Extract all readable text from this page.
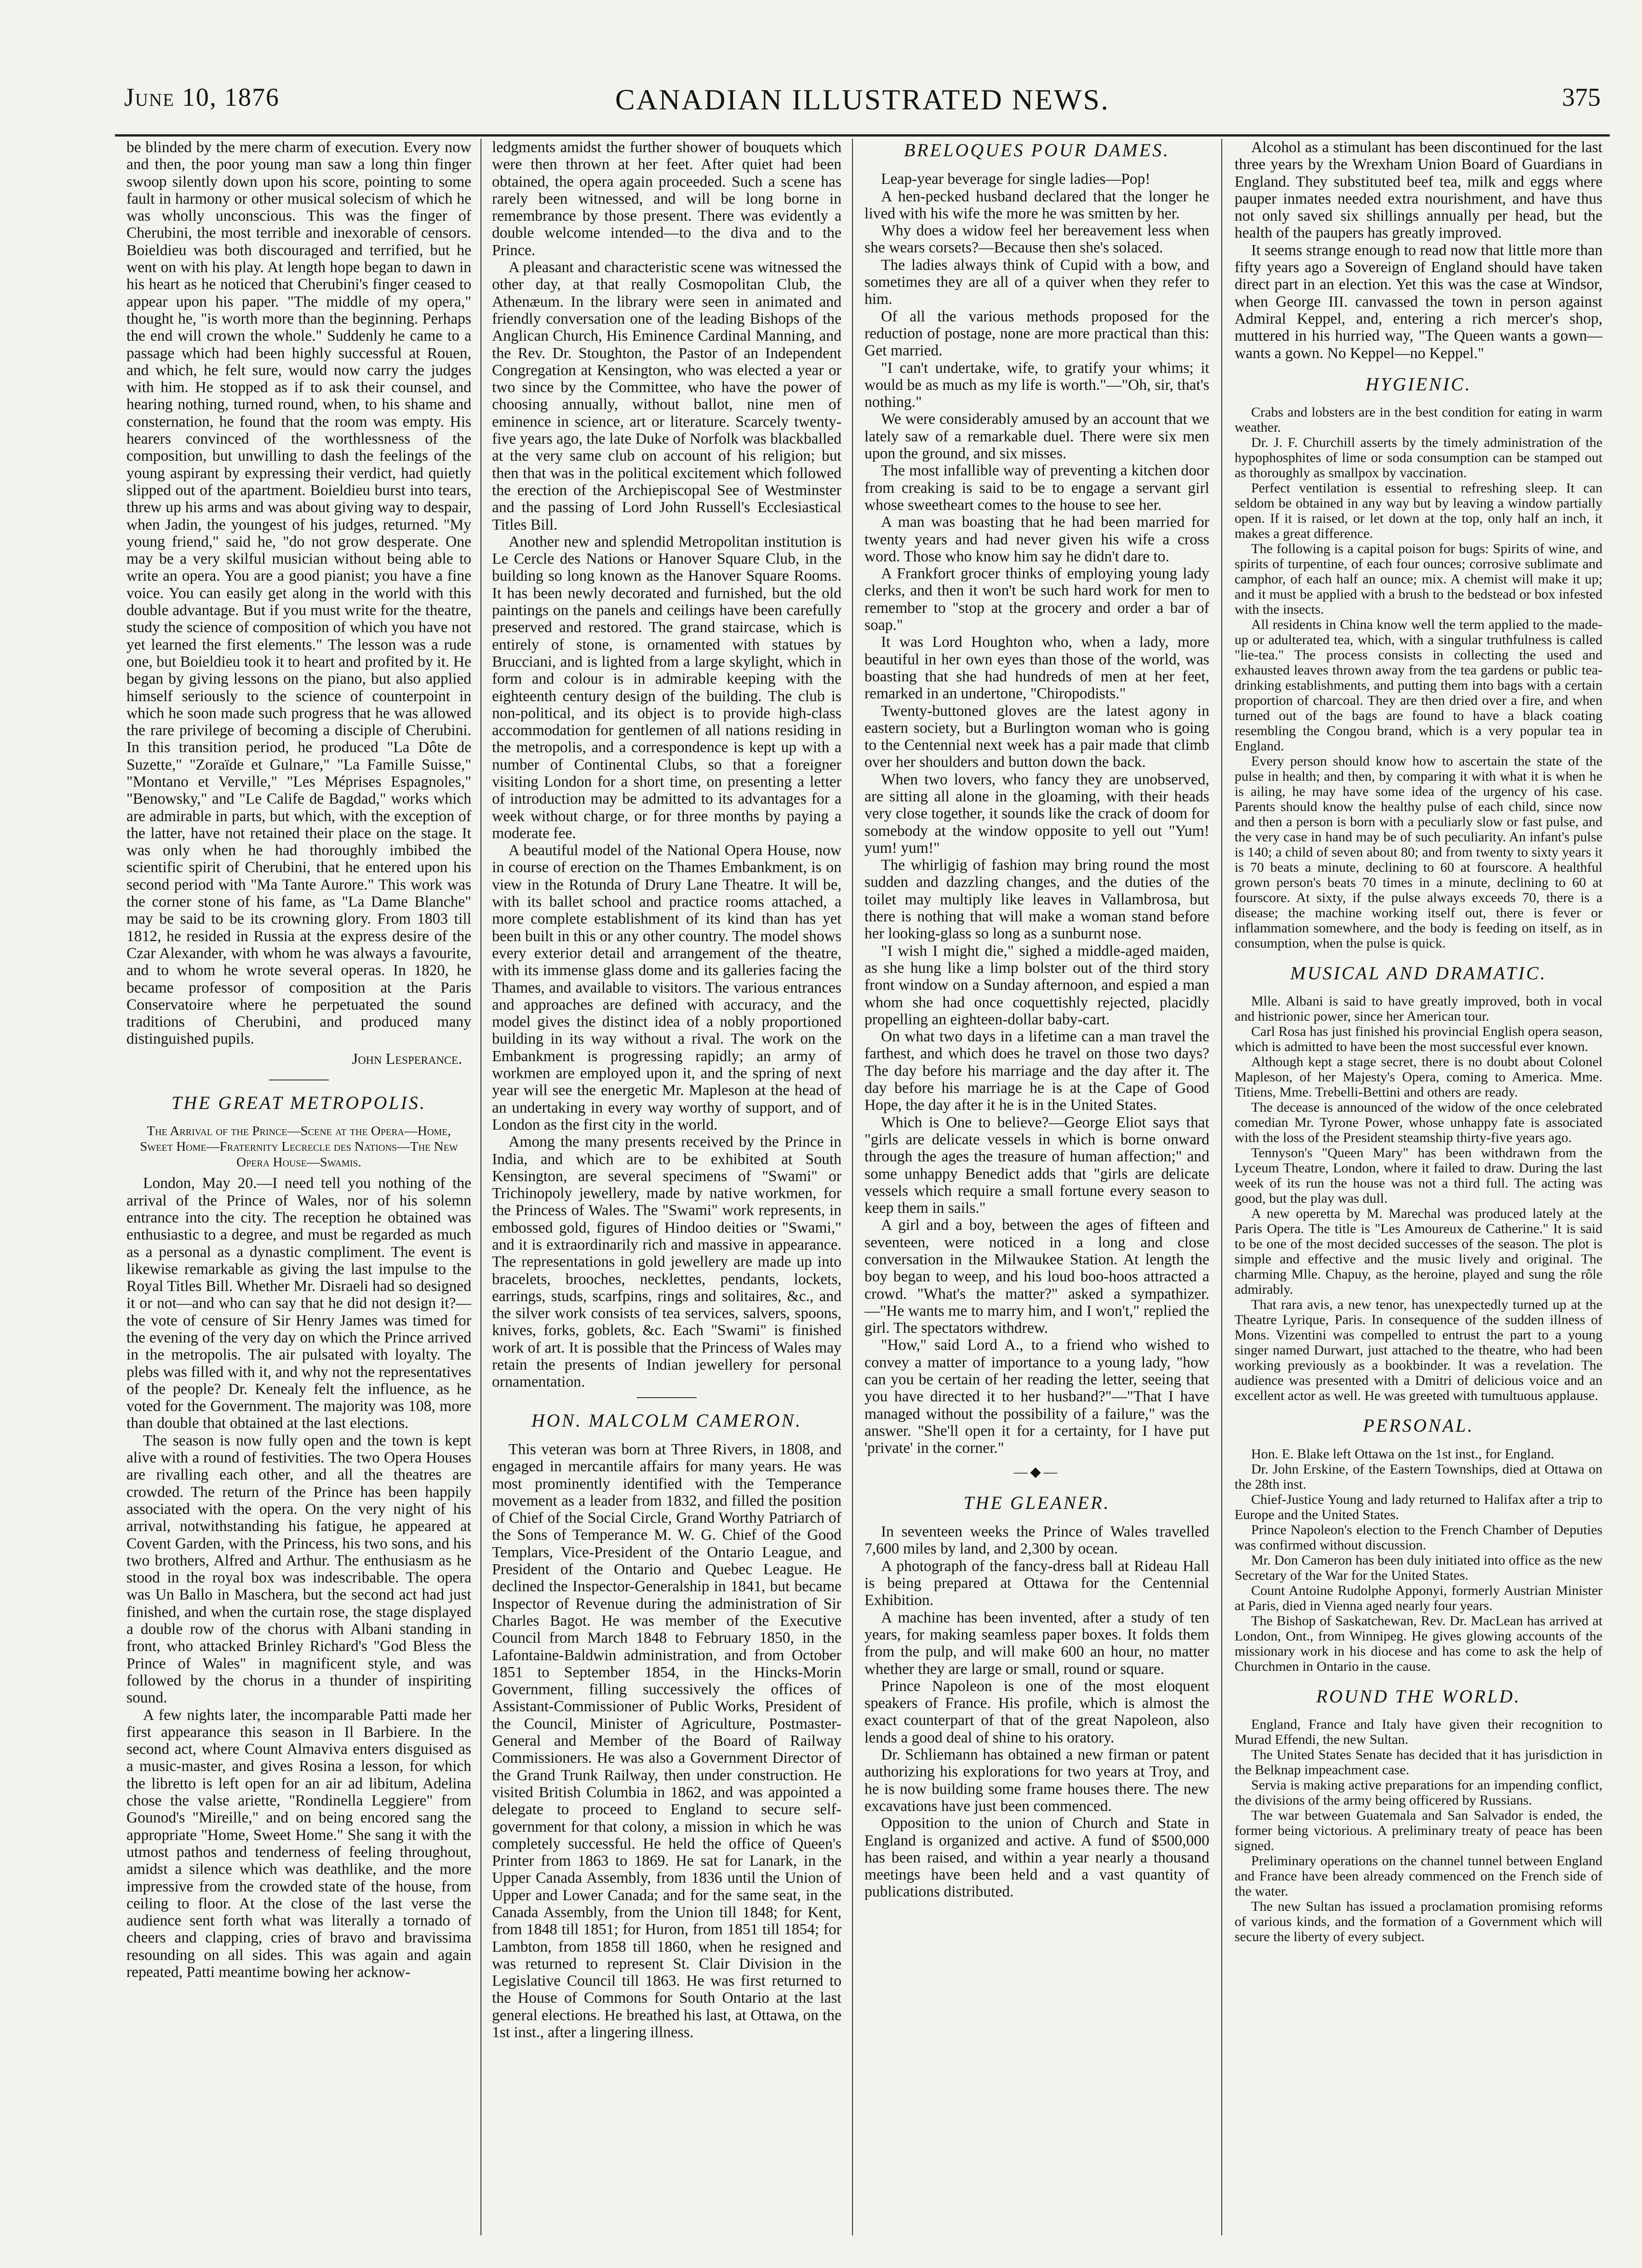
June 10, 1876	CANADIAN ILLUSTRATED NEWS.	375

be blinded by the mere charm of execution. Every now and then, the poor young man saw a long thin finger swoop silently down upon his score, pointing to some fault in harmony or other musical solecism of which he was wholly unconscious. This was the finger of Cherubini, the most terrible and inexorable of censors. Boieldieu was both discouraged and terrified, but he went on with his play. At length hope began to dawn in his heart as he noticed that Cherubini's finger ceased to appear upon his paper. "The middle of my opera," thought he, "is worth more than the beginning. Perhaps the end will crown the whole." Suddenly he came to a passage which had been highly successful at Rouen, and which, he felt sure, would now carry the judges with him. He stopped as if to ask their counsel, and hearing nothing, turned round, when, to his shame and consternation, he found that the room was empty. His hearers convinced of the worthlessness of the composition, but unwilling to dash the feelings of the young aspirant by expressing their verdict, had quietly slipped out of the apartment. Boieldieu burst into tears, threw up his arms and was about giving way to despair, when Jadin, the youngest of his judges, returned. "My young friend," said he, "do not grow desperate. One may be a very skilful musician without being able to write an opera. You are a good pianist; you have a fine voice. You can easily get along in the world with this double advantage. But if you must write for the theatre, study the science of composition of which you have not yet learned the first elements." The lesson was a rude one, but Boieldieu took it to heart and profited by it. He began by giving lessons on the piano, but also applied himself seriously to the science of counterpoint in which he soon made such progress that he was allowed the rare privilege of becoming a disciple of Cherubini. In this transition period, he produced "La Dôte de Suzette," "Zoraïde et Gulnare," "La Famille Suisse," "Montano et Verville," "Les Méprises Espagnoles," "Benowsky," and "Le Calife de Bagdad," works which are admirable in parts, but which, with the exception of the latter, have not retained their place on the stage. It was only when he had thoroughly imbibed the scientific spirit of Cherubini, that he entered upon his second period with "Ma Tante Aurore." This work was the corner stone of his fame, as "La Dame Blanche" may be said to be its crowning glory. From 1803 till 1812, he resided in Russia at the express desire of the Czar Alexander, with whom he was always a favourite, and to whom he wrote several operas. In 1820, he became professor of composition at the Paris Conservatoire where he perpetuated the sound traditions of Cherubini, and produced many distinguished pupils.

John Lesperance.

THE GREAT METROPOLIS.

The Arrival of the Prince—Scene at the Opera—Home, Sweet Home—Fraternity Lecrecle des Nations—The New Opera House—Swamis.

London, May 20.—I need tell you nothing of the arrival of the Prince of Wales, nor of his solemn entrance into the city. The reception he obtained was enthusiastic to a degree, and must be regarded as much as a personal as a dynastic compliment. The event is likewise remarkable as giving the last impulse to the Royal Titles Bill. Whether Mr. Disraeli had so designed it or not—and who can say that he did not design it?—the vote of censure of Sir Henry James was timed for the evening of the very day on which the Prince arrived in the metropolis. The air pulsated with loyalty. The plebs was filled with it, and why not the representatives of the people? Dr. Kenealy felt the influence, as he voted for the Government. The majority was 108, more than double that obtained at the last elections.

The season is now fully open and the town is kept alive with a round of festivities. The two Opera Houses are rivalling each other, and all the theatres are crowded. The return of the Prince has been happily associated with the opera. On the very night of his arrival, notwithstanding his fatigue, he appeared at Covent Garden, with the Princess, his two sons, and his two brothers, Alfred and Arthur. The enthusiasm as he stood in the royal box was indescribable. The opera was Un Ballo in Maschera, but the second act had just finished, and when the curtain rose, the stage displayed a double row of the chorus with Albani standing in front, who attacked Brinley Richard's "God Bless the Prince of Wales" in magnificent style, and was followed by the chorus in a thunder of inspiriting sound.

A few nights later, the incomparable Patti made her first appearance this season in Il Barbiere. In the second act, where Count Almaviva enters disguised as a music-master, and gives Rosina a lesson, for which the libretto is left open for an air ad libitum, Adelina chose the valse ariette, "Rondinella Leggiere" from Gounod's "Mireille," and on being encored sang the appropriate "Home, Sweet Home." She sang it with the utmost pathos and tenderness of feeling throughout, amidst a silence which was deathlike, and the more impressive from the crowded state of the house, from ceiling to floor. At the close of the last verse the audience sent forth what was literally a tornado of cheers and clapping, cries of bravo and bravissima resounding on all sides. This was again and again repeated, Patti meantime bowing her acknow-

ledgments amidst the further shower of bouquets which were then thrown at her feet. After quiet had been obtained, the opera again proceeded. Such a scene has rarely been witnessed, and will be long borne in remembrance by those present. There was evidently a double welcome intended—to the diva and to the Prince.

A pleasant and characteristic scene was witnessed the other day, at that really Cosmopolitan Club, the Athenæum. In the library were seen in animated and friendly conversation one of the leading Bishops of the Anglican Church, His Eminence Cardinal Manning, and the Rev. Dr. Stoughton, the Pastor of an Independent Congregation at Kensington, who was elected a year or two since by the Committee, who have the power of choosing annually, without ballot, nine men of eminence in science, art or literature. Scarcely twenty-five years ago, the late Duke of Norfolk was blackballed at the very same club on account of his religion; but then that was in the political excitement which followed the erection of the Archiepiscopal See of Westminster and the passing of Lord John Russell's Ecclesiastical Titles Bill.

Another new and splendid Metropolitan institution is Le Cercle des Nations or Hanover Square Club, in the building so long known as the Hanover Square Rooms. It has been newly decorated and furnished, but the old paintings on the panels and ceilings have been carefully preserved and restored. The grand staircase, which is entirely of stone, is ornamented with statues by Brucciani, and is lighted from a large skylight, which in form and colour is in admirable keeping with the eighteenth century design of the building. The club is non-political, and its object is to provide high-class accommodation for gentlemen of all nations residing in the metropolis, and a correspondence is kept up with a number of Continental Clubs, so that a foreigner visiting London for a short time, on presenting a letter of introduction may be admitted to its advantages for a week without charge, or for three months by paying a moderate fee.

A beautiful model of the National Opera House, now in course of erection on the Thames Embankment, is on view in the Rotunda of Drury Lane Theatre. It will be, with its ballet school and practice rooms attached, a more complete establishment of its kind than has yet been built in this or any other country. The model shows every exterior detail and arrangement of the theatre, with its immense glass dome and its galleries facing the Thames, and available to visitors. The various entrances and approaches are defined with accuracy, and the model gives the distinct idea of a nobly proportioned building in its way without a rival. The work on the Embankment is progressing rapidly; an army of workmen are employed upon it, and the spring of next year will see the energetic Mr. Mapleson at the head of an undertaking in every way worthy of support, and of London as the first city in the world.

Among the many presents received by the Prince in India, and which are to be exhibited at South Kensington, are several specimens of "Swami" or Trichinopoly jewellery, made by native workmen, for the Princess of Wales. The "Swami" work represents, in embossed gold, figures of Hindoo deities or "Swami," and it is extraordinarily rich and massive in appearance. The representations in gold jewellery are made up into bracelets, brooches, necklettes, pendants, lockets, earrings, studs, scarfpins, rings and solitaires, &c., and the silver work consists of tea services, salvers, spoons, knives, forks, goblets, &c. Each "Swami" is finished work of art. It is possible that the Princess of Wales may retain the presents of Indian jewellery for personal ornamentation.

HON. MALCOLM CAMERON.

This veteran was born at Three Rivers, in 1808, and engaged in mercantile affairs for many years. He was most prominently identified with the Temperance movement as a leader from 1832, and filled the position of Chief of the Social Circle, Grand Worthy Patriarch of the Sons of Temperance M. W. G. Chief of the Good Templars, Vice-President of the Ontario League, and President of the Ontario and Quebec League. He declined the Inspector-Generalship in 1841, but became Inspector of Revenue during the administration of Sir Charles Bagot. He was member of the Executive Council from March 1848 to February 1850, in the Lafontaine-Baldwin administration, and from October 1851 to September 1854, in the Hincks-Morin Government, filling successively the offices of Assistant-Commissioner of Public Works, President of the Council, Minister of Agriculture, Postmaster-General and Member of the Board of Railway Commissioners. He was also a Government Director of the Grand Trunk Railway, then under construction. He visited British Columbia in 1862, and was appointed a delegate to proceed to England to secure self-government for that colony, a mission in which he was completely successful. He held the office of Queen's Printer from 1863 to 1869. He sat for Lanark, in the Upper Canada Assembly, from 1836 until the Union of Upper and Lower Canada; and for the same seat, in the Canada Assembly, from the Union till 1848; for Kent, from 1848 till 1851; for Huron, from 1851 till 1854; for Lambton, from 1858 till 1860, when he resigned and was returned to represent St. Clair Division in the Legislative Council till 1863. He was first returned to the House of Commons for South Ontario at the last general elections. He breathed his last, at Ottawa, on the 1st inst., after a lingering illness.

BRELOQUES POUR DAMES.

Leap-year beverage for single ladies—Pop!

A hen-pecked husband declared that the longer he lived with his wife the more he was smitten by her.

Why does a widow feel her bereavement less when she wears corsets?—Because then she's solaced.

The ladies always think of Cupid with a bow, and sometimes they are all of a quiver when they refer to him.

Of all the various methods proposed for the reduction of postage, none are more practical than this: Get married.

"I can't undertake, wife, to gratify your whims; it would be as much as my life is worth."—"Oh, sir, that's nothing."

We were considerably amused by an account that we lately saw of a remarkable duel. There were six men upon the ground, and six misses.

The most infallible way of preventing a kitchen door from creaking is said to be to engage a servant girl whose sweetheart comes to the house to see her.

A man was boasting that he had been married for twenty years and had never given his wife a cross word. Those who know him say he didn't dare to.

A Frankfort grocer thinks of employing young lady clerks, and then it won't be such hard work for men to remember to "stop at the grocery and order a bar of soap."

It was Lord Houghton who, when a lady, more beautiful in her own eyes than those of the world, was boasting that she had hundreds of men at her feet, remarked in an undertone, "Chiropodists."

Twenty-buttoned gloves are the latest agony in eastern society, but a Burlington woman who is going to the Centennial next week has a pair made that climb over her shoulders and button down the back.

When two lovers, who fancy they are unobserved, are sitting all alone in the gloaming, with their heads very close together, it sounds like the crack of doom for somebody at the window opposite to yell out "Yum! yum! yum!"

The whirligig of fashion may bring round the most sudden and dazzling changes, and the duties of the toilet may multiply like leaves in Vallambrosa, but there is nothing that will make a woman stand before her looking-glass so long as a sunburnt nose.

"I wish I might die," sighed a middle-aged maiden, as she hung like a limp bolster out of the third story front window on a Sunday afternoon, and espied a man whom she had once coquettishly rejected, placidly propelling an eighteen-dollar baby-cart.

On what two days in a lifetime can a man travel the farthest, and which does he travel on those two days? The day before his marriage and the day after it. The day before his marriage he is at the Cape of Good Hope, the day after it he is in the United States.

Which is One to believe?—George Eliot says that "girls are delicate vessels in which is borne onward through the ages the treasure of human affection;" and some unhappy Benedict adds that "girls are delicate vessels which require a small fortune every season to keep them in sails."

A girl and a boy, between the ages of fifteen and seventeen, were noticed in a long and close conversation in the Milwaukee Station. At length the boy began to weep, and his loud boo-hoos attracted a crowd. "What's the matter?" asked a sympathizer.—"He wants me to marry him, and I won't," replied the girl. The spectators withdrew.

"How," said Lord A., to a friend who wished to convey a matter of importance to a young lady, "how can you be certain of her reading the letter, seeing that you have directed it to her husband?"—"That I have managed without the possibility of a failure," was the answer. "She'll open it for a certainty, for I have put 'private' in the corner."

—◆—

THE GLEANER.

In seventeen weeks the Prince of Wales travelled 7,600 miles by land, and 2,300 by ocean.

A photograph of the fancy-dress ball at Rideau Hall is being prepared at Ottawa for the Centennial Exhibition.

A machine has been invented, after a study of ten years, for making seamless paper boxes. It folds them from the pulp, and will make 600 an hour, no matter whether they are large or small, round or square.

Prince Napoleon is one of the most eloquent speakers of France. His profile, which is almost the exact counterpart of that of the great Napoleon, also lends a good deal of shine to his oratory.

Dr. Schliemann has obtained a new firman or patent authorizing his explorations for two years at Troy, and he is now building some frame houses there. The new excavations have just been commenced.

Opposition to the union of Church and State in England is organized and active. A fund of $500,000 has been raised, and within a year nearly a thousand meetings have been held and a vast quantity of publications distributed.

Alcohol as a stimulant has been discontinued for the last three years by the Wrexham Union Board of Guardians in England. They substituted beef tea, milk and eggs where pauper inmates needed extra nourishment, and have thus not only saved six shillings annually per head, but the health of the paupers has greatly improved.

It seems strange enough to read now that little more than fifty years ago a Sovereign of England should have taken direct part in an election. Yet this was the case at Windsor, when George III. canvassed the town in person against Admiral Keppel, and, entering a rich mercer's shop, muttered in his hurried way, "The Queen wants a gown—wants a gown. No Keppel—no Keppel."

HYGIENIC.

Crabs and lobsters are in the best condition for eating in warm weather.

Dr. J. F. Churchill asserts by the timely administration of the hypophosphites of lime or soda consumption can be stamped out as thoroughly as smallpox by vaccination.

Perfect ventilation is essential to refreshing sleep. It can seldom be obtained in any way but by leaving a window partially open. If it is raised, or let down at the top, only half an inch, it makes a great difference.

The following is a capital poison for bugs: Spirits of wine, and spirits of turpentine, of each four ounces; corrosive sublimate and camphor, of each half an ounce; mix. A chemist will make it up; and it must be applied with a brush to the bedstead or box infested with the insects.

All residents in China know well the term applied to the made-up or adulterated tea, which, with a singular truthfulness is called "lie-tea." The process consists in collecting the used and exhausted leaves thrown away from the tea gardens or public tea-drinking establishments, and putting them into bags with a certain proportion of charcoal. They are then dried over a fire, and when turned out of the bags are found to have a black coating resembling the Congou brand, which is a very popular tea in England.

Every person should know how to ascertain the state of the pulse in health; and then, by comparing it with what it is when he is ailing, he may have some idea of the urgency of his case. Parents should know the healthy pulse of each child, since now and then a person is born with a peculiarly slow or fast pulse, and the very case in hand may be of such peculiarity. An infant's pulse is 140; a child of seven about 80; and from twenty to sixty years it is 70 beats a minute, declining to 60 at fourscore. A healthful grown person's beats 70 times in a minute, declining to 60 at fourscore. At sixty, if the pulse always exceeds 70, there is a disease; the machine working itself out, there is fever or inflammation somewhere, and the body is feeding on itself, as in consumption, when the pulse is quick.

MUSICAL AND DRAMATIC.

Mlle. Albani is said to have greatly improved, both in vocal and histrionic power, since her American tour.

Carl Rosa has just finished his provincial English opera season, which is admitted to have been the most successful ever known.

Although kept a stage secret, there is no doubt about Colonel Mapleson, of her Majesty's Opera, coming to America. Mme. Titiens, Mme. Trebelli-Bettini and others are ready.

The decease is announced of the widow of the once celebrated comedian Mr. Tyrone Power, whose unhappy fate is associated with the loss of the President steamship thirty-five years ago.

Tennyson's "Queen Mary" has been withdrawn from the Lyceum Theatre, London, where it failed to draw. During the last week of its run the house was not a third full. The acting was good, but the play was dull.

A new operetta by M. Marechal was produced lately at the Paris Opera. The title is "Les Amoureux de Catherine." It is said to be one of the most decided successes of the season. The plot is simple and effective and the music lively and original. The charming Mlle. Chapuy, as the heroine, played and sung the rôle admirably.

That rara avis, a new tenor, has unexpectedly turned up at the Theatre Lyrique, Paris. In consequence of the sudden illness of Mons. Vizentini was compelled to entrust the part to a young singer named Durwart, just attached to the theatre, who had been working previously as a bookbinder. It was a revelation. The audience was presented with a Dmitri of delicious voice and an excellent actor as well. He was greeted with tumultuous applause.

PERSONAL.

Hon. E. Blake left Ottawa on the 1st inst., for England.

Dr. John Erskine, of the Eastern Townships, died at Ottawa on the 28th inst.

Chief-Justice Young and lady returned to Halifax after a trip to Europe and the United States.

Prince Napoleon's election to the French Chamber of Deputies was confirmed without discussion.

Mr. Don Cameron has been duly initiated into office as the new Secretary of the War for the United States.

Count Antoine Rudolphe Apponyi, formerly Austrian Minister at Paris, died in Vienna aged nearly four years.

The Bishop of Saskatchewan, Rev. Dr. MacLean has arrived at London, Ont., from Winnipeg. He gives glowing accounts of the missionary work in his diocese and has come to ask the help of Churchmen in Ontario in the cause.

ROUND THE WORLD.

England, France and Italy have given their recognition to Murad Effendi, the new Sultan.

The United States Senate has decided that it has jurisdiction in the Belknap impeachment case.

Servia is making active preparations for an impending conflict, the divisions of the army being officered by Russians.

The war between Guatemala and San Salvador is ended, the former being victorious. A preliminary treaty of peace has been signed.

Preliminary operations on the channel tunnel between England and France have been already commenced on the French side of the water.

The new Sultan has issued a proclamation promising reforms of various kinds, and the formation of a Government which will secure the liberty of every subject.
